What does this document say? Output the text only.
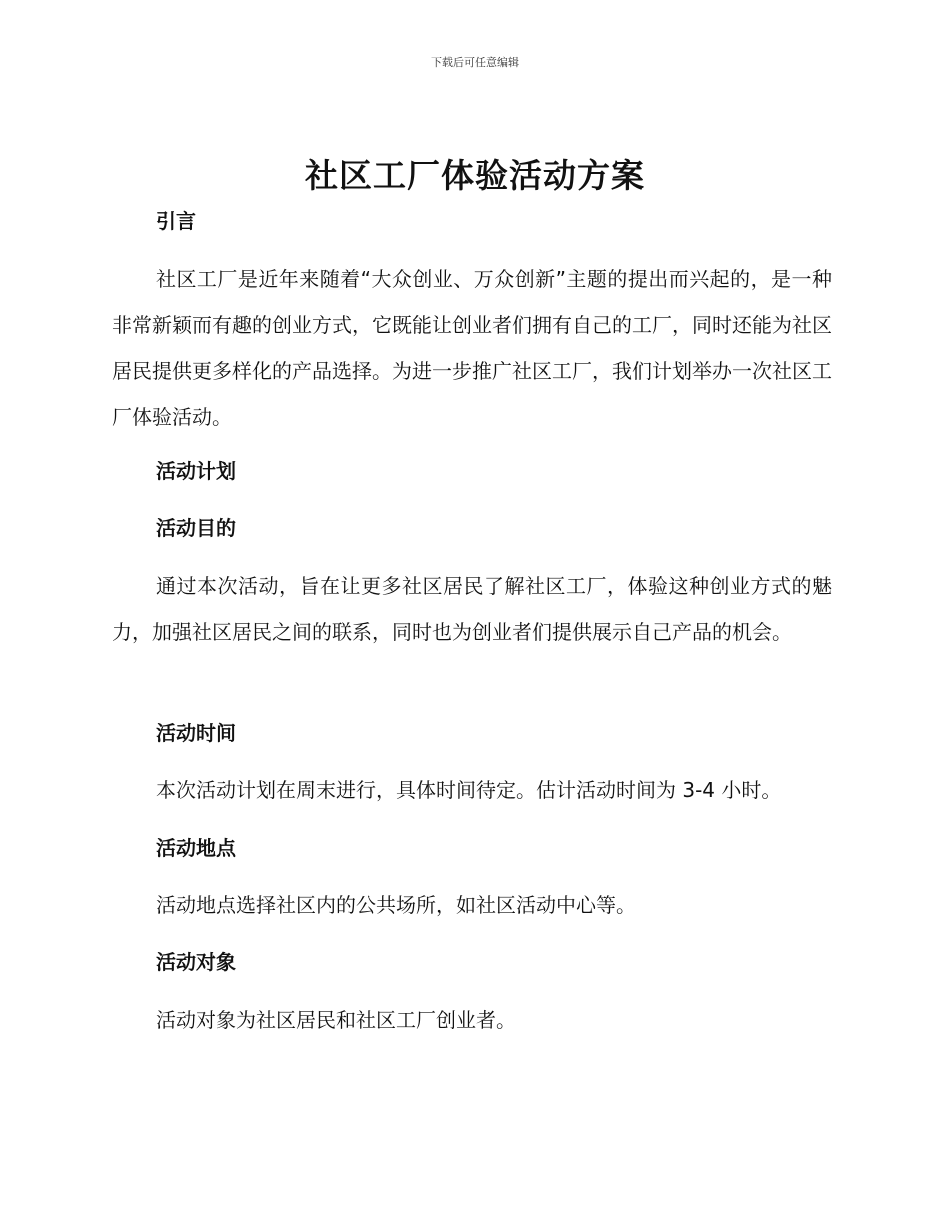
下载后可任意编辑
社区工厂体验活动方案
引言

社区工厂是近年来随着“大众创业、万众创新”主题的提出而兴起的，是一种非常新颖而有趣的创业方式，它既能让创业者们拥有自己的工厂，同时还能为社区居民提供更多样化的产品选择。为进一步推广社区工厂，我们计划举办一次社区工厂体验活动。

活动计划
活动目的

通过本次活动，旨在让更多社区居民了解社区工厂，体验这种创业方式的魅力，加强社区居民之间的联系，同时也为创业者们提供展示自己产品的机会。

活动时间
本次活动计划在周末进行，具体时间待定。估计活动时间为 3-4 小时。
活动地点
活动地点选择社区内的公共场所，如社区活动中心等。
活动对象
活动对象为社区居民和社区工厂创业者。
